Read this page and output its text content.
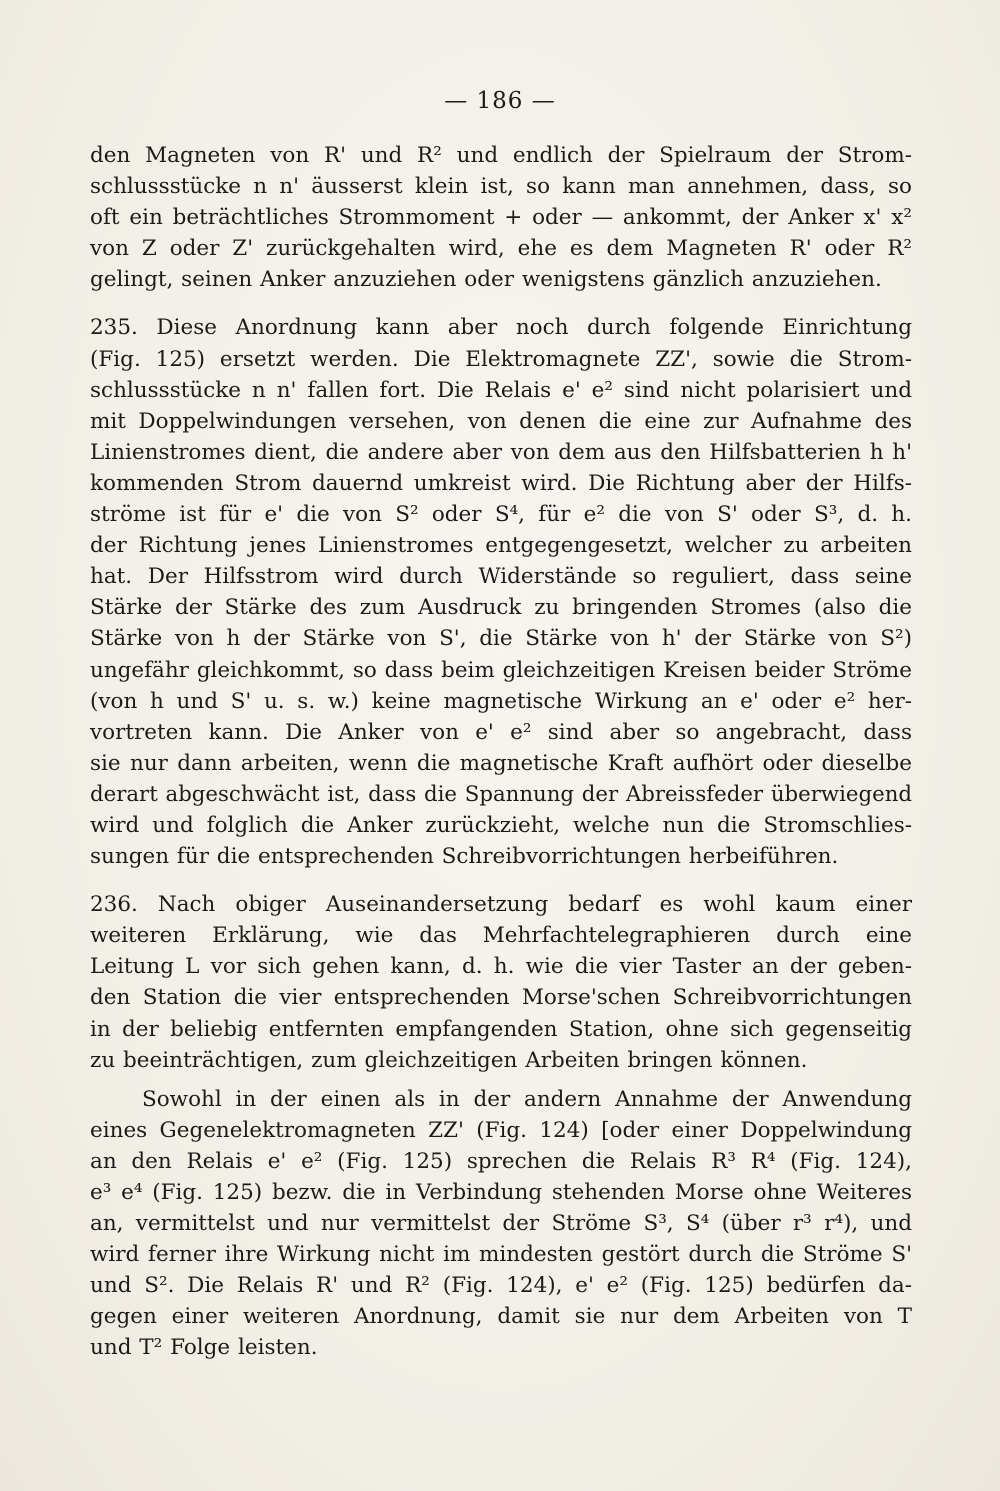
— 186 —
den Magneten von R' und R² und endlich der Spielraum der Strom-
schlussstücke n n' äusserst klein ist, so kann man annehmen, dass, so
oft ein beträchtliches Strommoment + oder — ankommt, der Anker x' x²
von Z oder Z' zurückgehalten wird, ehe es dem Magneten R' oder R²
gelingt, seinen Anker anzuziehen oder wenigstens gänzlich anzuziehen.
235. Diese Anordnung kann aber noch durch folgende Einrichtung
(Fig. 125) ersetzt werden. Die Elektromagnete ZZ', sowie die Strom-
schlussstücke n n' fallen fort. Die Relais e' e² sind nicht polarisiert und
mit Doppelwindungen versehen, von denen die eine zur Aufnahme des
Linienstromes dient, die andere aber von dem aus den Hilfsbatterien h h'
kommenden Strom dauernd umkreist wird. Die Richtung aber der Hilfs-
ströme ist für e' die von S² oder S⁴, für e² die von S' oder S³, d. h.
der Richtung jenes Linienstromes entgegengesetzt, welcher zu arbeiten
hat. Der Hilfsstrom wird durch Widerstände so reguliert, dass seine
Stärke der Stärke des zum Ausdruck zu bringenden Stromes (also die
Stärke von h der Stärke von S', die Stärke von h' der Stärke von S²)
ungefähr gleichkommt, so dass beim gleichzeitigen Kreisen beider Ströme
(von h und S' u. s. w.) keine magnetische Wirkung an e' oder e² her-
vortreten kann. Die Anker von e' e² sind aber so angebracht, dass
sie nur dann arbeiten, wenn die magnetische Kraft aufhört oder dieselbe
derart abgeschwächt ist, dass die Spannung der Abreissfeder überwiegend
wird und folglich die Anker zurückzieht, welche nun die Stromschlies-
sungen für die entsprechenden Schreibvorrichtungen herbeiführen.
236. Nach obiger Auseinandersetzung bedarf es wohl kaum einer
weiteren Erklärung, wie das Mehrfachtelegraphieren durch eine
Leitung L vor sich gehen kann, d. h. wie die vier Taster an der geben-
den Station die vier entsprechenden Morse'schen Schreibvorrichtungen
in der beliebig entfernten empfangenden Station, ohne sich gegenseitig
zu beeinträchtigen, zum gleichzeitigen Arbeiten bringen können.
Sowohl in der einen als in der andern Annahme der Anwendung
eines Gegenelektromagneten ZZ' (Fig. 124) [oder einer Doppelwindung
an den Relais e' e² (Fig. 125) sprechen die Relais R³ R⁴ (Fig. 124),
e³ e⁴ (Fig. 125) bezw. die in Verbindung stehenden Morse ohne Weiteres
an, vermittelst und nur vermittelst der Ströme S³, S⁴ (über r³ r⁴), und
wird ferner ihre Wirkung nicht im mindesten gestört durch die Ströme S'
und S². Die Relais R' und R² (Fig. 124), e' e² (Fig. 125) bedürfen da-
gegen einer weiteren Anordnung, damit sie nur dem Arbeiten von T
und T² Folge leisten.
